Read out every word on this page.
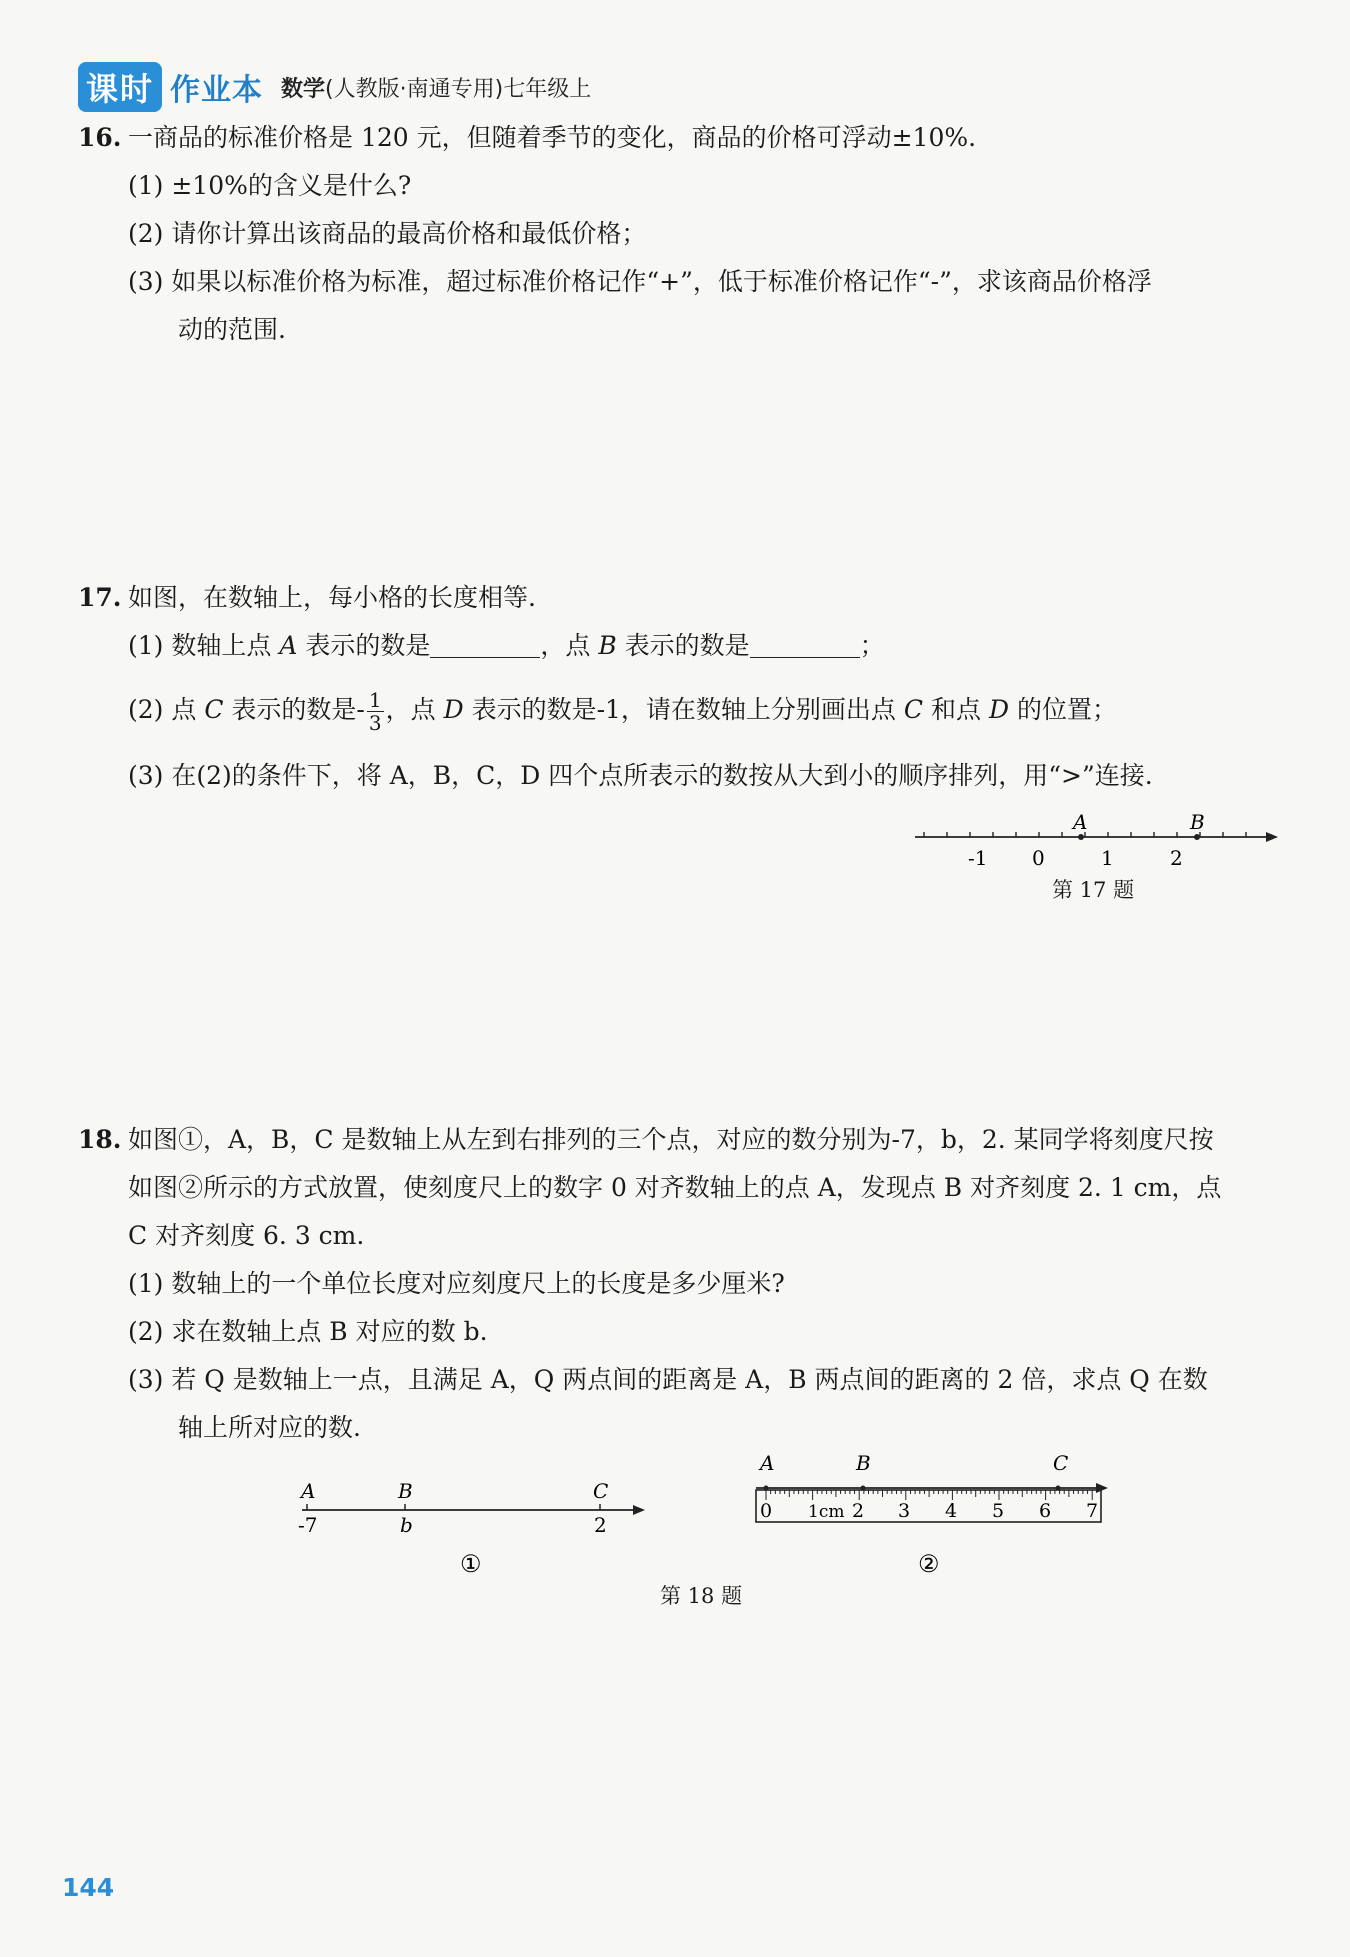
课时 作业本 数学(人教版·南通专用)七年级上
16. 一商品的标准价格是 120 元，但随着季节的变化，商品的价格可浮动±10%.
(1) ±10%的含义是什么?
(2) 请你计算出该商品的最高价格和最低价格；
(3) 如果以标准价格为标准，超过标准价格记作“+”，低于标准价格记作“-”，求该商品价格浮
动的范围.
17. 如图，在数轴上，每小格的长度相等.
(1) 数轴上点 A 表示的数是	，点 B 表示的数是	；
(2) 点 C 表示的数是- $\frac{1}{3}$ ，点 D 表示的数是-1，请在数轴上分别画出点 C 和点 D 的位置；
(3) 在(2)的条件下，将 A，B，C，D 四个点所表示的数按从大到小的顺序排列，用“>”连接.
A	B
-1 0	1	2
第 17 题
18. 如图①，A，B，C 是数轴上从左到右排列的三个点，对应的数分别为-7，b，2. 某同学将刻度尺按
如图②所示的方式放置，使刻度尺上的数字 0 对齐数轴上的点 A，发现点 B 对齐刻度 2. 1 cm，点
C 对齐刻度 6. 3 cm.
(1) 数轴上的一个单位长度对应刻度尺上的长度是多少厘米?
(2) 求在数轴上点 B 对应的数 b.
(3) 若 Q 是数轴上一点，且满足 A，Q 两点间的距离是 A，B 两点间的距离的 2 倍，求点 Q 在数
轴上所对应的数.
A	B	C
-7	b	2
①
A	B	C
0 1cm 2 3 4 5 6 7
②
第 18 题
144
